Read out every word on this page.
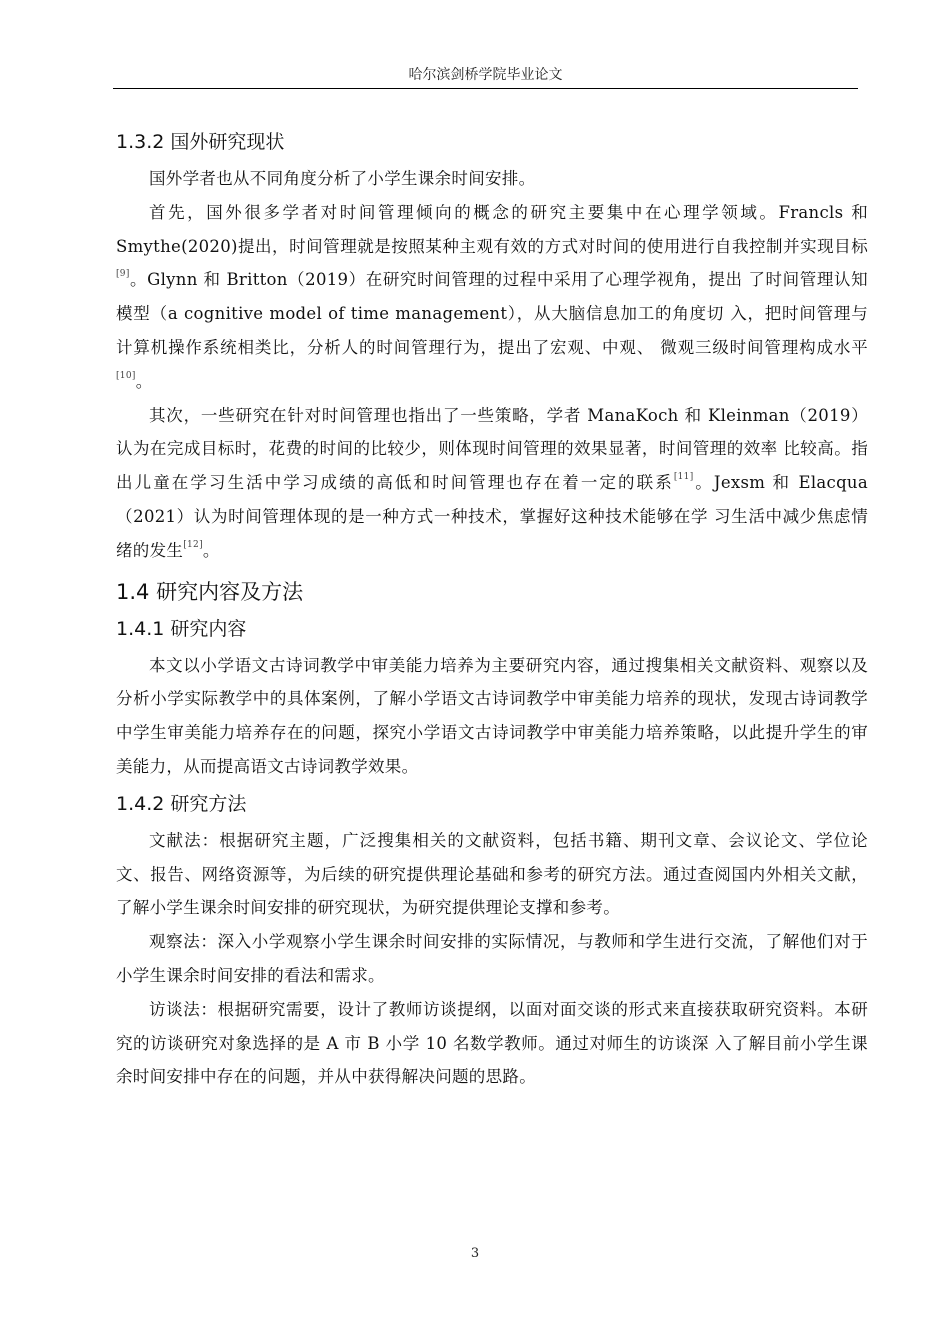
哈尔滨剑桥学院毕业论文
1.3.2 国外研究现状

国外学者也从不同角度分析了小学生课余时间安排。

首先，国外很多学者对时间管理倾向的概念的研究主要集中在心理学领域。Francls 和 Smythe(2020)提出，时间管理就是按照某种主观有效的方式对时间的使用进行自我控制并实现目标[9]。Glynn 和 Britton（2019）在研究时间管理的过程中采用了心理学视角，提出 了时间管理认知模型（a cognitive model of time management），从大脑信息加工的角度切 入，把时间管理与计算机操作系统相类比，分析人的时间管理行为，提出了宏观、中观、 微观三级时间管理构成水平[10]。

其次，一些研究在针对时间管理也指出了一些策略，学者 ManaKoch 和 Kleinman（2019） 认为在完成目标时，花费的时间的比较少，则体现时间管理的效果显著，时间管理的效率 比较高。指出儿童在学习生活中学习成绩的高低和时间管理也存在着一定的联系[11]。Jexsm 和 Elacqua（2021）认为时间管理体现的是一种方式一种技术，掌握好这种技术能够在学 习生活中减少焦虑情绪的发生[12]。

1.4 研究内容及方法
1.4.1 研究内容

本文以小学语文古诗词教学中审美能力培养为主要研究内容，通过搜集相关文献资料、观察以及分析小学实际教学中的具体案例，了解小学语文古诗词教学中审美能力培养的现状，发现古诗词教学中学生审美能力培养存在的问题，探究小学语文古诗词教学中审美能力培养策略，以此提升学生的审美能力，从而提高语文古诗词教学效果。

1.4.2 研究方法

文献法：根据研究主题，广泛搜集相关的文献资料，包括书籍、期刊文章、会议论文、学位论文、报告、网络资源等，为后续的研究提供理论基础和参考的研究方法。通过查阅国内外相关文献，了解小学生课余时间安排的研究现状，为研究提供理论支撑和参考。

观察法：深入小学观察小学生课余时间安排的实际情况，与教师和学生进行交流，了解他们对于小学生课余时间安排的看法和需求。

访谈法：根据研究需要，设计了教师访谈提纲，以面对面交谈的形式来直接获取研究资料。本研究的访谈研究对象选择的是 A 市 B 小学 10 名数学教师。通过对师生的访谈深 入了解目前小学生课余时间安排中存在的问题，并从中获得解决问题的思路。

3
